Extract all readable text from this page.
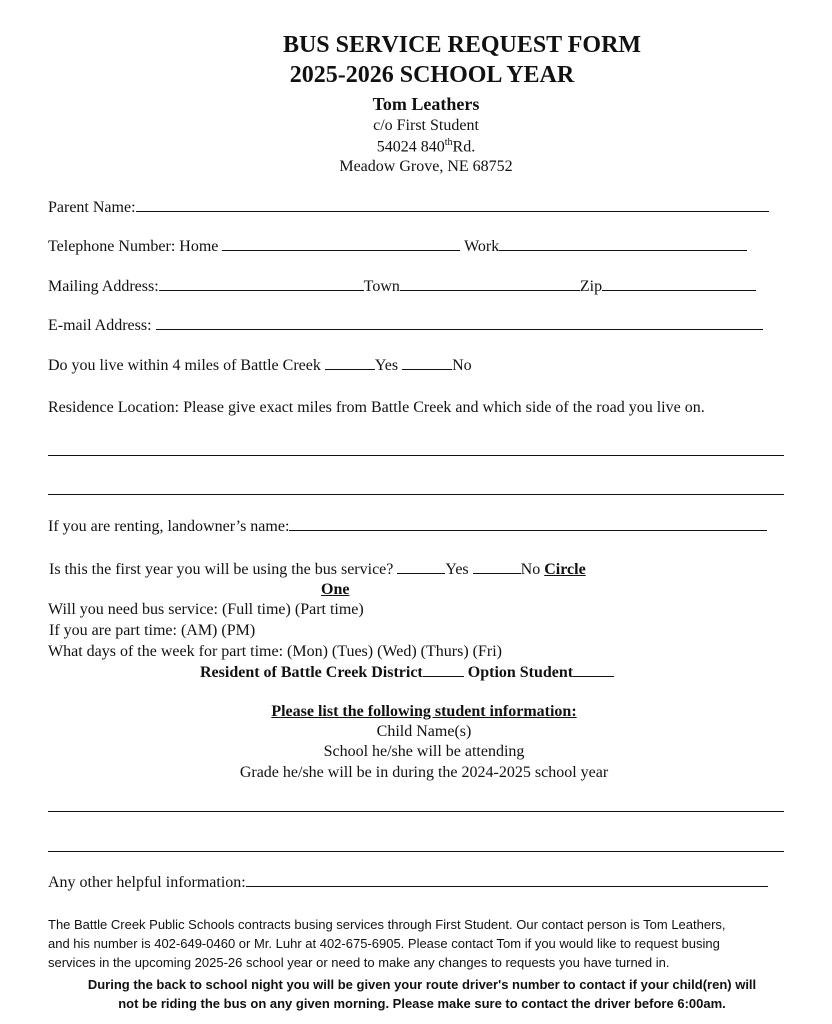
BUS SERVICE REQUEST FORM
2025-2026 SCHOOL YEAR
Tom Leathers
c/o First Student
54024 840thRd.
Meadow Grove, NE 68752
Parent Name:
Telephone Number: Home	Work
Mailing Address:	Town	Zip
E-mail Address:
Do you live within 4 miles of Battle Creek	Yes	No
Residence Location: Please give exact miles from Battle Creek and which side of the road you live on.
If you are renting, landowner’s name:
Is this the first year you will be using the bus service?	Yes	No Circle
One
Will you need bus service: (Full time) (Part time)
If you are part time: (AM) (PM)
What days of the week for part time: (Mon) (Tues) (Wed) (Thurs) (Fri)
Resident of Battle Creek District	Option Student
Please list the following student information:
Child Name(s)
School he/she will be attending
Grade he/she will be in during the 2024-2025 school year
Any other helpful information:
The Battle Creek Public Schools contracts busing services through First Student. Our contact person is Tom Leathers,
and his number is 402-649-0460 or Mr. Luhr at 402-675-6905. Please contact Tom if you would like to request busing
services in the upcoming 2025-26 school year or need to make any changes to requests you have turned in.
During the back to school night you will be given your route driver's number to contact if your child(ren) will
not be riding the bus on any given morning. Please make sure to contact the driver before 6:00am.
